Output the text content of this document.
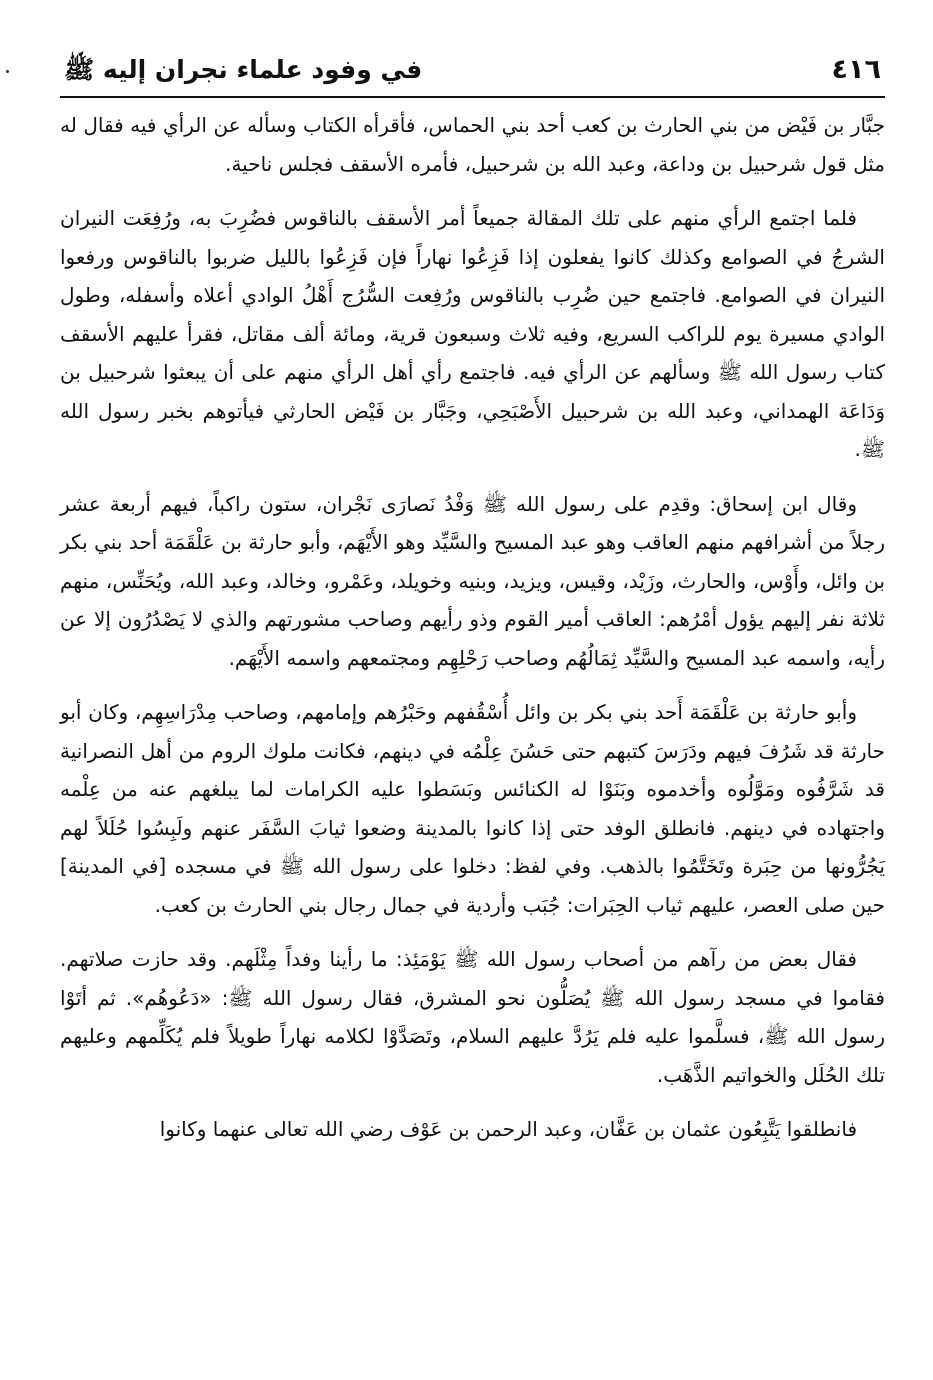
٤١٦
في وفود علماء نجران إليه ﷺ

جبَّار بن فَيْض من بني الحارث بن كعب أحد بني الحماس، فأقرأه الكتاب وسأله عن الرأي فيه فقال له مثل قول شرحبيل بن وداعة، وعبد الله بن شرحبيل، فأمره الأسقف فجلس ناحية.

فلما اجتمع الرأي منهم على تلك المقالة جميعاً أمر الأسقف بالناقوس فضُرِبَ به، ورُفِعَت النيران الشرجُ في الصوامع وكذلك كانوا يفعلون إذا فَزِعُوا نهاراً فإن فَزِعُوا بالليل ضربوا بالناقوس ورفعوا النيران في الصوامع. فاجتمع حين ضُرِب بالناقوس ورُفِعت السُّرُج أَهْلُ الوادي أعلاه وأسفله، وطول الوادي مسيرة يوم للراكب السريع، وفيه ثلاث وسبعون قرية، ومائة ألف مقاتل، فقرأ عليهم الأسقف كتاب رسول الله ﷺ وسألهم عن الرأي فيه. فاجتمع رأي أهل الرأي منهم على أن يبعثوا شرحبيل بن وَدَاعَة الهمداني، وعبد الله بن شرحبيل الأَصْبَحِي، وجَبَّار بن فَيْض الحارثي فيأتوهم بخبر رسول الله ﷺ.

وقال ابن إسحاق: وقدِم على رسول الله ﷺ وَفْدُ نَصارَى نَجْران، ستون راكباً، فيهم أربعة عشر رجلاً من أشرافهم منهم العاقب وهو عبد المسيح والسَّيِّد وهو الأَيْهَم، وأبو حارثة بن عَلْقَمَة أحد بني بكر بن وائل، وأَوْس، والحارث، وزَيْد، وقيس، ويزيد، وبنيه وخويلد، وعَمْرو، وخالد، وعبد الله، ويُحَنِّس، منهم ثلاثة نفر إليهم يؤول أمْرُهم: العاقب أمير القوم وذو رأيهم وصاحب مشورتهم والذي لا يَصْدُرُون إلا عن رأيه، واسمه عبد المسيح والسَّيِّد ثِمَالُهُم وصاحب رَحْلِهِم ومجتمعهم واسمه الأَيْهَم.

وأبو حارثة بن عَلْقَمَة أَحد بني بكر بن وائل أُسْقُفهم وحَبْرُهم وإمامهم، وصاحب مِدْرَاسِهِم، وكان أبو حارثة قد شَرُفَ فيهم ودَرَسَ كتبهم حتى حَسُنَ عِلْمُه في دينهم، فكانت ملوك الروم من أهل النصرانية قد شَرَّفُوه ومَوَّلُوه وأخدموه وبَنَوْا له الكنائس وبَسَطوا عليه الكرامات لما يبلغهم عنه من عِلْمه واجتهاده في دينهم. فانطلق الوفد حتى إذا كانوا بالمدينة وضعوا ثيابَ السَّفَر عنهم ولَبِسُوا حُلَلاً لهم يَجُرُّونها من حِبَرة وتَخَتَّمُوا بالذهب. وفي لفظ: دخلوا على رسول الله ﷺ في مسجده [في المدينة] حين صلى العصر، عليهم ثياب الحِبَرات: جُبَب وأردية في جمال رجال بني الحارث بن كعب.

فقال بعض من رآهم من أصحاب رسول الله ﷺ يَوْمَئِذ: ما رأينا وفداً مِثْلَهم. وقد حازت صلاتهم. فقاموا في مسجد رسول الله ﷺ يُصَلُّون نحو المشرق، فقال رسول الله ﷺ: «دَعُوهُم». ثم أتَوْا رسول الله ﷺ، فسلَّموا عليه فلم يَرُدَّ عليهم السلام، وتَصَدَّوْا لكلامه نهاراً طويلاً فلم يُكَلِّمهم وعليهم تلك الحُلَل والخواتيم الذَّهَب.

فانطلقوا يَتَّبِعُون عثمان بن عَفَّان، وعبد الرحمن بن عَوْف رضي الله تعالى عنهما وكانوا
